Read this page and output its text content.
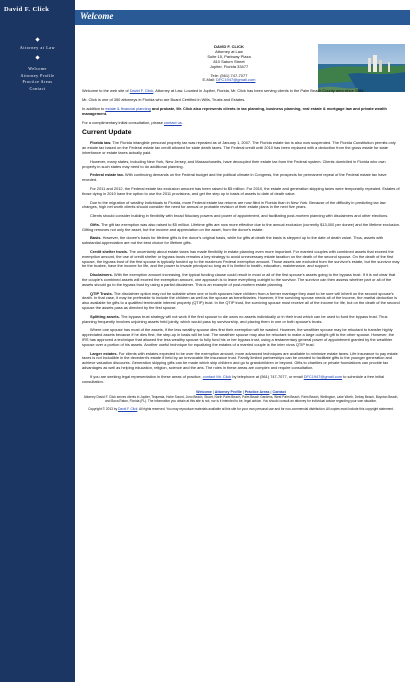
David F. Click
Attorney at Law
Welcome
Attorney Profile
Practice Areas
Contact
Welcome
DAVID F. CLICK
Attorney at Law
Suite 15, Parkway Plaza
810 Saturn Street
Jupiter, Florida 33477
Tele: (561) 747-7077
E-Mail: DFC1947@gmail.com

Welcome to the web site of David F. Click, Attorney at Law. Located in Jupiter, Florida, Mr. Click has been serving clients in the Palm Beach County area since 1984.

Mr. Click is one of 350 attorneys in Florida who are Board Certified in Wills, Trusts and Estates.

In addition to estate & financial planning and probate, Mr. Click also represents clients in tax planning, business planning, real estate & mortgage law and private wealth management.

For a complimentary initial consultation, please contact us.

Current Update

Florida law. The Florida intangible personal property tax was repealed as of January 1, 2007. The Florida estate tax is also now suspended. The Florida Constitution permits only an estate tax based on the Federal estate tax credit allowed for state death taxes. The Federal credit until 2010 has been replaced with a deduction from the gross estate for state inheritance or estate taxes actually paid.

However, many states, including New York, New Jersey, and Massachusetts, have decoupled their estate tax from the Federal system. Clients domiciled in Florida who own property in such states may need to do additional planning.

Federal estate tax. With continuing demands on the Federal budget and the political climate in Congress, the prospects for permanent repeal of the Federal estate tax have receded.

For 2011 and 2012, the Federal estate tax exclusion amount has been raised to $5 million. For 2010, the estate and generation skipping taxes were temporarily repealed. Estates of those dying in 2010 have the option to use the 2011 provisions, and get the step up in basis of assets to date of death value.

Due to the migration of wealthy individuals to Florida, more Federal estate tax returns are now filed in Florida than in New York. Because of the difficulty in predicting tax law changes, high net worth clients should consider the need for annual or probable revision of their estate plans in the next five years.

Clients should consider building in flexibility with broad fiduciary powers and power of appointment, and facilitating post-mortem planning with disclaimers and other elections.

Gifts. The gift tax exemption was also raised to $5 million. Lifetime gifts are now more effective due to the annual exclusion (currently $13,000 per donee) and the lifetime exclusion. Gifting removes not only the asset, but the income and appreciation on the asset, from the donor's estate.

Basis. However, the donee's basis for lifetime gifts is the donor's original basis, while for gifts at death the basis is stepped up to the date of death value. Thus, assets with substantial appreciation are not the best choice for lifetime gifts.

Credit shelter trusts. The uncertainty about estate taxes has made flexibility in estate planning even more important. For married couples with combined assets that exceed the exemption amount, the use of credit shelter or bypass trusts remains a key strategy to avoid unnecessary estate taxation on the death of the second spouse. On the death of the first spouse, the bypass trust of the first spouse is typically funded up to the maximum Federal exemption amount. Those assets are excluded from the survivor's estate, but the survivor may be the trustee, have the income for life, and the power to invade principal so long as it is limited to health, education, maintenance, and support.

Disclaimers. With the exemption amount increasing, the typical funding clause could result in most or all of the first spouse's assets going to the bypass trust. If it is not clear that the couple's combined assets will exceed the exemption amount, one approach is to leave everything outright to the survivor. The survivor can then assess whether part or all of the assets should go to the bypass trust by using a partial disclaimer. This is an example of post-mortem estate planning.

QTIP Trusts. The disclaimer option may not be suitable when one or both spouses have children from a former marriage they want to be sure will inherit on the second spouse's death. In that case, it may be preferable to include the children as well as the spouse as beneficiaries. However, if the surviving spouse needs all of the income, the marital deduction is also available for gifts to a qualified terminable interest property (QTIP) trust. In the QTIP trust, the surviving spouse must receive all of the income for life, but on the death of the second spouse the assets pass as directed by the first spouse.

Splitting assets. The bypass trust strategy will not work if the first spouse to die owns no assets individually or in their trust which can be used to fund the bypass trust. Thus planning frequently involves unjoining assets held jointly, which would pass by survivorship, and placing them in one or both spouse's trusts.

Where one spouse has most of the assets, if the less wealthy spouse dies first their exemption will be wasted. However, the wealthier spouse may be reluctant to transfer highly appreciated assets because if he dies first, the step-up in basis will be lost. The wealthier spouse may also be reluctant to make a large outright gift to the other spouse. However, the IRS has approved a technique that allowed the less wealthy spouse to fully fund his or her bypass trust, using a testamentary general power of appointment granted by the wealthier spouse over a portion of his assets. Another useful technique for equalizing the estates of a married couple is the inter vivos QTIP trust.

Larger estates. For clients with estates expected to be over the exemption amount, more advanced techniques are available to minimize estate taxes. Life insurance to pay estate taxes is not includible in the decedent's estate if held by an irrevocable life insurance trust. Family limited partnerships can be created to facilitate gifts to the younger generation and achieve valuation discounts. Generation skipping gifts can be made which skip children and go to grandchildren or beyond. Gifts to charities or private foundations can provide tax advantages as well as helping education, religion, science and the arts. The rules in these areas are complex and require consultation.

If you are seeking legal representation in these areas of practice, contact Mr. Click by telephone at (561) 747-7077, or email DFC1947@gmail.com to schedule a free initial consultation.

Welcome | Attorney Profile | Practice Areas | Contact

Attorney David F. Click serves clients in Jupiter, Tequesta, Hobe Sound, Juno Beach, Stuart, North Palm Beach, Palm Beach Gardens, West Palm Beach, Palm Beach, Wellington, Lake Worth, Delray Beach, Boynton Beach, and Boca Raton, Florida (FL). The information you obtain at this site is not, nor is it intended to be, legal advice. You should consult an attorney for individual advice regarding your own situation.

Copyright © 2013 by David F. Click. All rights reserved. You may reproduce materials available at this site for your own personal use and for non-commercial distribution. All copies must include this copyright statement.
